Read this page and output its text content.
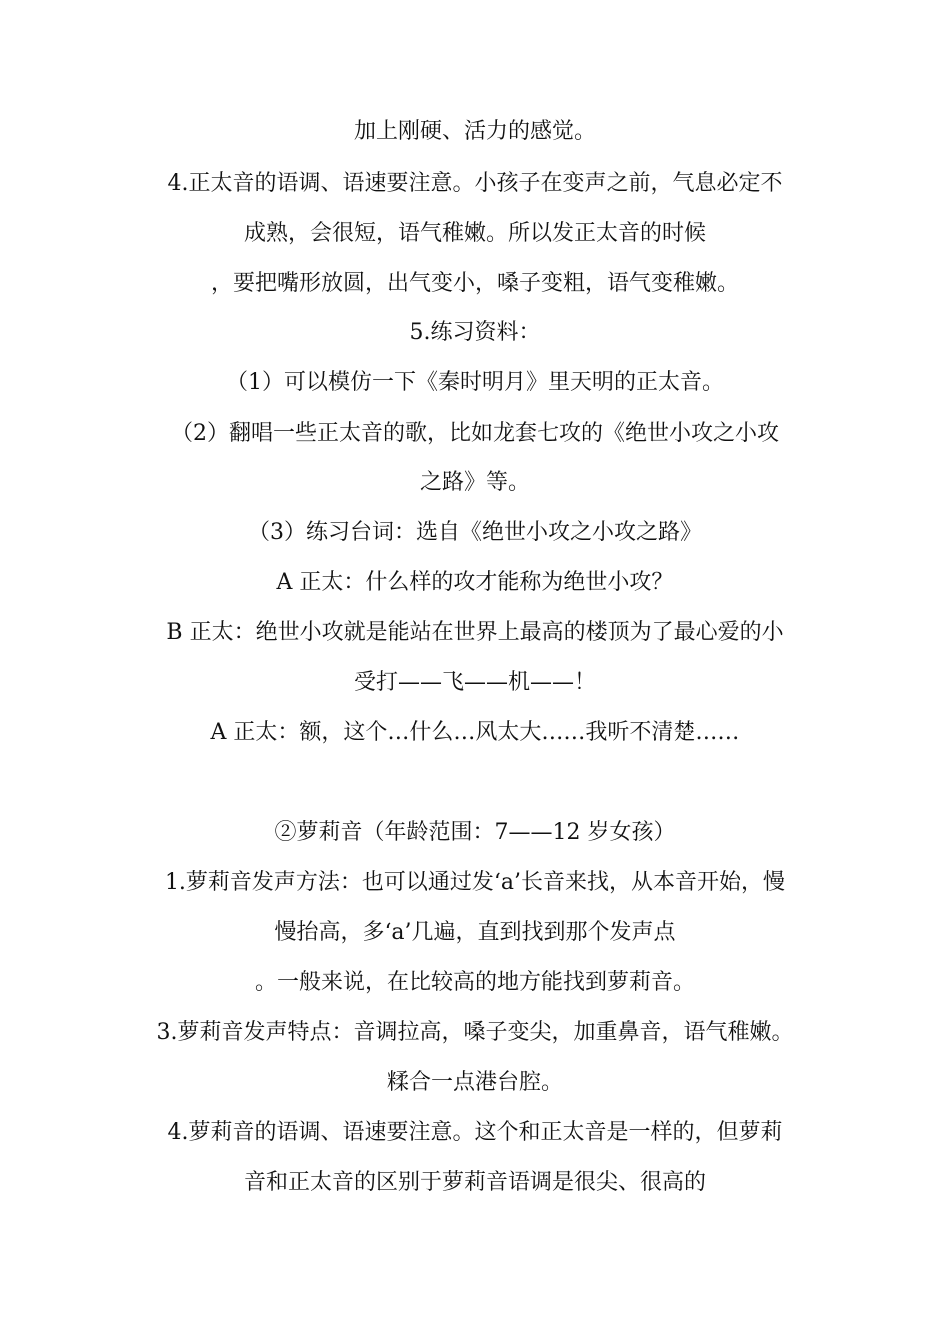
加上刚硬、活力的感觉。
4.正太音的语调、语速要注意。小孩子在变声之前，气息必定不
成熟，会很短，语气稚嫩。所以发正太音的时候
，要把嘴形放圆，出气变小，嗓子变粗，语气变稚嫩。
5.练习资料：
（1）可以模仿一下《秦时明月》里天明的正太音。
（2）翻唱一些正太音的歌，比如龙套七攻的《绝世小攻之小攻
之路》等。
（3）练习台词：选自《绝世小攻之小攻之路》
A 正太：什么样的攻才能称为绝世小攻？
B 正太：绝世小攻就是能站在世界上最高的楼顶为了最心爱的小
受打——飞——机——！
A 正太：额，这个…什么…风太大……我听不清楚……
②萝莉音（年龄范围：7——12 岁女孩）
1.萝莉音发声方法：也可以通过发‘a’长音来找，从本音开始，慢
慢抬高，多‘a’几遍，直到找到那个发声点
。一般来说，在比较高的地方能找到萝莉音。
3.萝莉音发声特点：音调拉高，嗓子变尖，加重鼻音，语气稚嫩。
糅合一点港台腔。
4.萝莉音的语调、语速要注意。这个和正太音是一样的，但萝莉
音和正太音的区别于萝莉音语调是很尖、很高的
